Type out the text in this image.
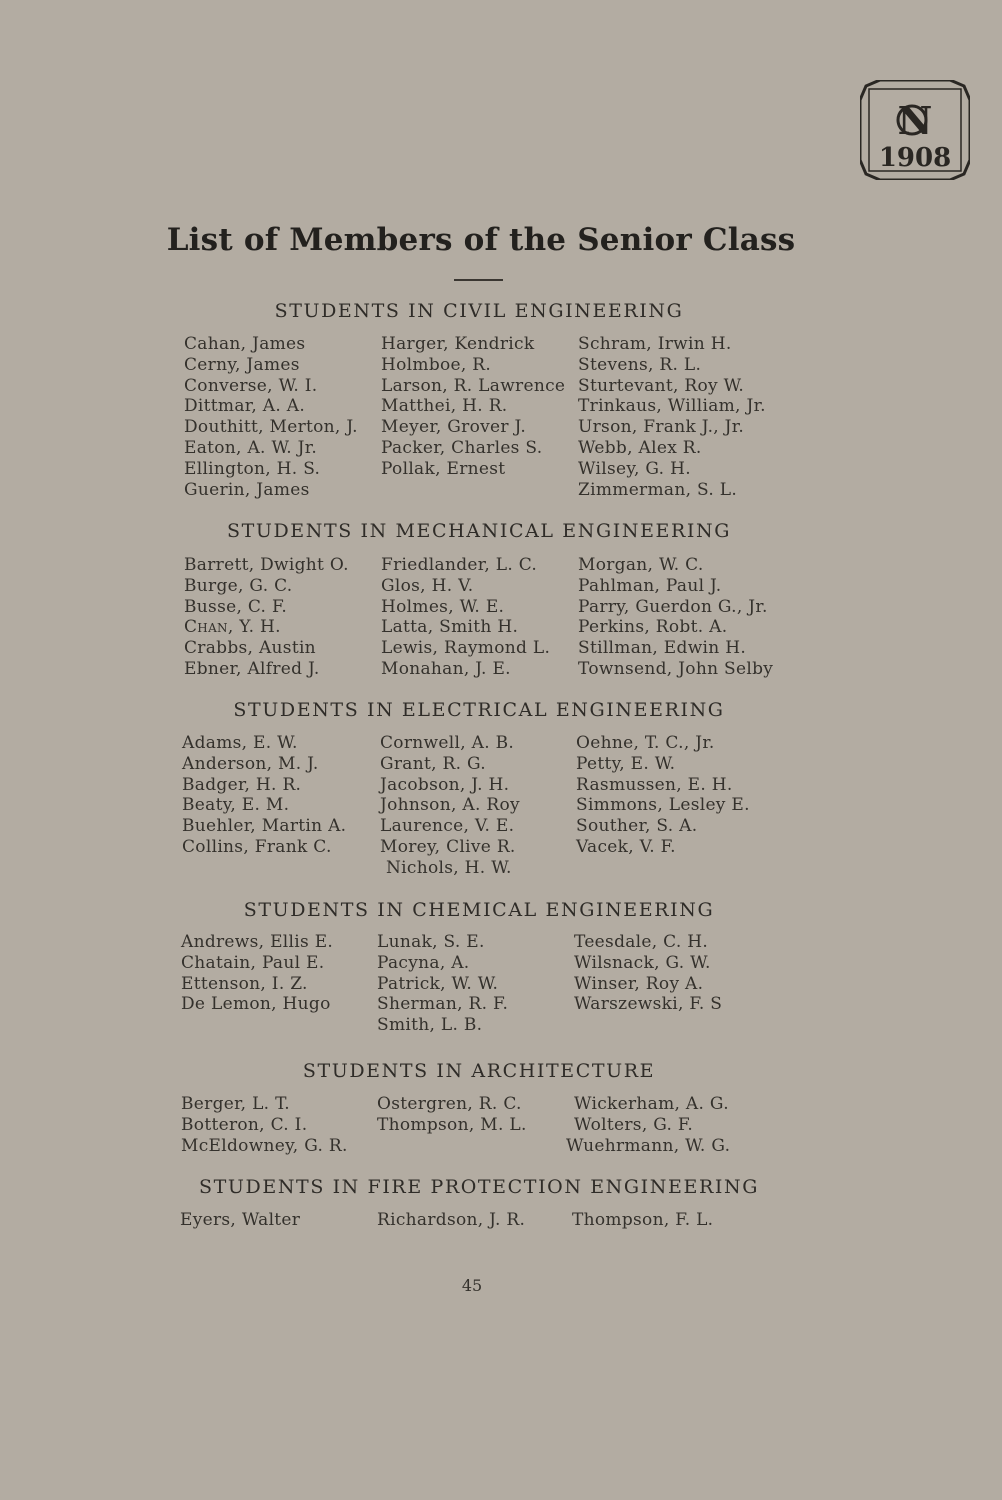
N
1908
List of Members of the Senior Class
STUDENTS IN CIVIL ENGINEERING
Cahan, James
Cerny, James
Converse, W. I.
Dittmar, A. A.
Douthitt, Merton, J.
Eaton, A. W. Jr.
Ellington, H. S.
Guerin, James
Harger, Kendrick
Holmboe, R.
Larson, R. Lawrence
Matthei, H. R.
Meyer, Grover J.
Packer, Charles S.
Pollak, Ernest
Schram, Irwin H.
Stevens, R. L.
Sturtevant, Roy W.
Trinkaus, William, Jr.
Urson, Frank J., Jr.
Webb, Alex R.
Wilsey, G. H.
Zimmerman, S. L.
STUDENTS IN MECHANICAL ENGINEERING
Barrett, Dwight O.
Burge, G. C.
Busse, C. F.
Chan, Y. H.
Crabbs, Austin
Ebner, Alfred J.
Friedlander, L. C.
Glos, H. V.
Holmes, W. E.
Latta, Smith H.
Lewis, Raymond L.
Monahan, J. E.
Morgan, W. C.
Pahlman, Paul J.
Parry, Guerdon G., Jr.
Perkins, Robt. A.
Stillman, Edwin H.
Townsend, John Selby
STUDENTS IN ELECTRICAL ENGINEERING
Adams, E. W.
Anderson, M. J.
Badger, H. R.
Beaty, E. M.
Buehler, Martin A.
Collins, Frank C.
Cornwell, A. B.
Grant, R. G.
Jacobson, J. H.
Johnson, A. Roy
Laurence, V. E.
Morey, Clive R.
Nichols, H. W.
Oehne, T. C., Jr.
Petty, E. W.
Rasmussen, E. H.
Simmons, Lesley E.
Souther, S. A.
Vacek, V. F.
STUDENTS IN CHEMICAL ENGINEERING
Andrews, Ellis E.
Chatain, Paul E.
Ettenson, I. Z.
De Lemon, Hugo
Lunak, S. E.
Pacyna, A.
Patrick, W. W.
Sherman, R. F.
Smith, L. B.
Teesdale, C. H.
Wilsnack, G. W.
Winser, Roy A.
Warszewski, F. S
STUDENTS IN ARCHITECTURE
Berger, L. T.
Botteron, C. I.
McEldowney, G. R.
Ostergren, R. C.
Thompson, M. L.
Wickerham, A. G.
Wolters, G. F.
Wuehrmann, W. G.
STUDENTS IN FIRE PROTECTION ENGINEERING
Eyers, Walter	Richardson, J. R.	Thompson, F. L.
45
